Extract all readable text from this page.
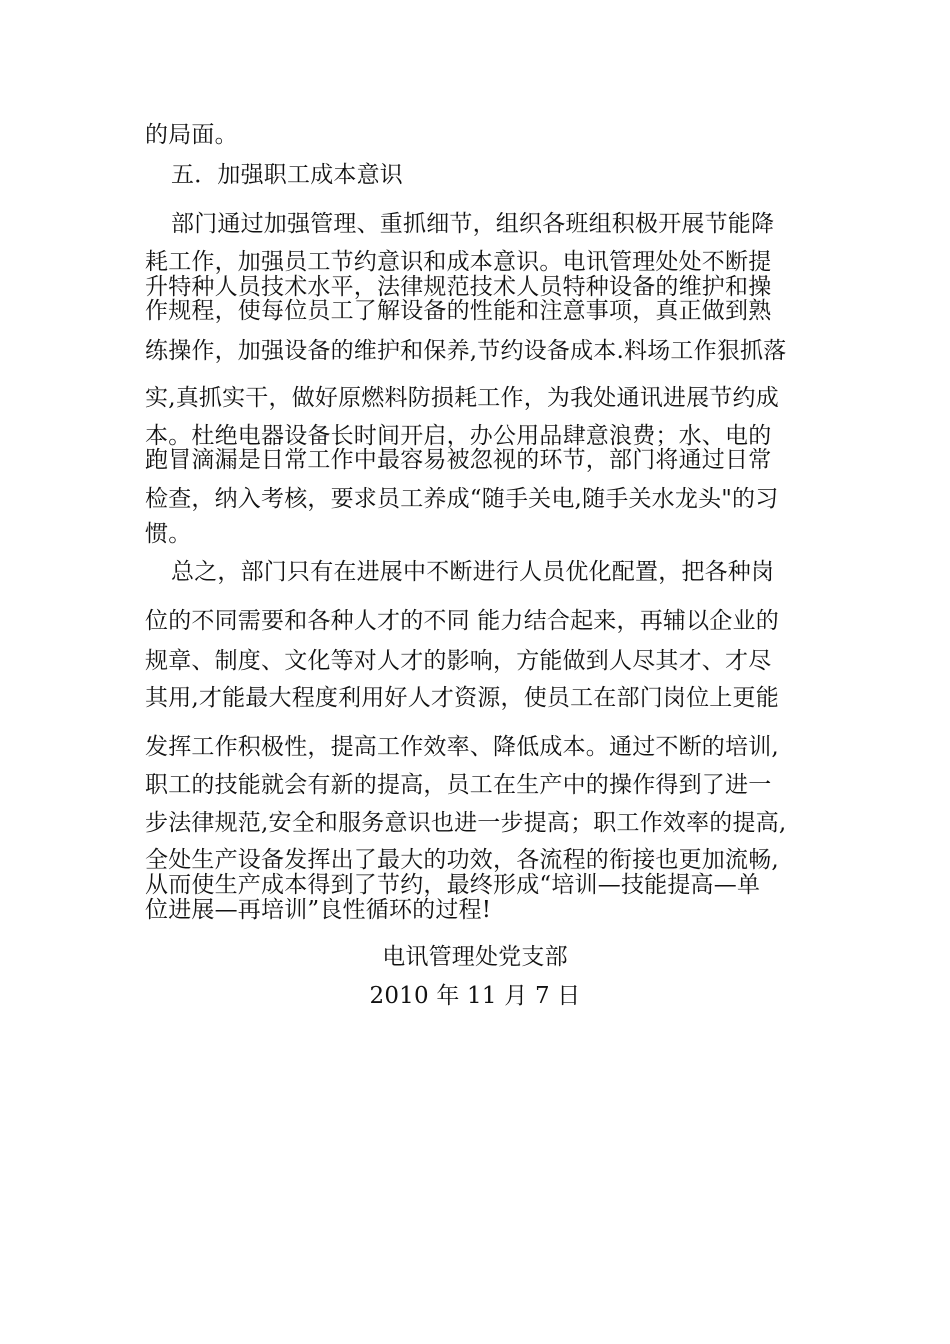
的局面。
五．加强职工成本意识
部门通过加强管理、重抓细节，组织各班组积极开展节能降
耗工作，加强员工节约意识和成本意识。电讯管理处处不断提
升特种人员技术水平，法律规范技术人员特种设备的维护和操
作规程，使每位员工了解设备的性能和注意事项，真正做到熟
练操作，加强设备的维护和保养,节约设备成本.料场工作狠抓落
实,真抓实干，做好原燃料防损耗工作，为我处通讯进展节约成
本。杜绝电器设备长时间开启，办公用品肆意浪费；水、电的
跑冒滴漏是日常工作中最容易被忽视的环节，部门将通过日常
检查，纳入考核，要求员工养成“随手关电,随手关水龙头"的习
惯。
总之，部门只有在进展中不断进行人员优化配置，把各种岗
位的不同需要和各种人才的不同 能力结合起来，再辅以企业的
规章、制度、文化等对人才的影响，方能做到人尽其才、才尽
其用,才能最大程度利用好人才资源，使员工在部门岗位上更能
发挥工作积极性，提高工作效率、降低成本。通过不断的培训,
职工的技能就会有新的提高，员工在生产中的操作得到了进一
步法律规范,安全和服务意识也进一步提高；职工作效率的提高,
全处生产设备发挥出了最大的功效，各流程的衔接也更加流畅,
从而使生产成本得到了节约，最终形成“培训—技能提高—单
位进展—再培训”良性循环的过程!
电讯管理处党支部
2010 年 11 月 7 日
